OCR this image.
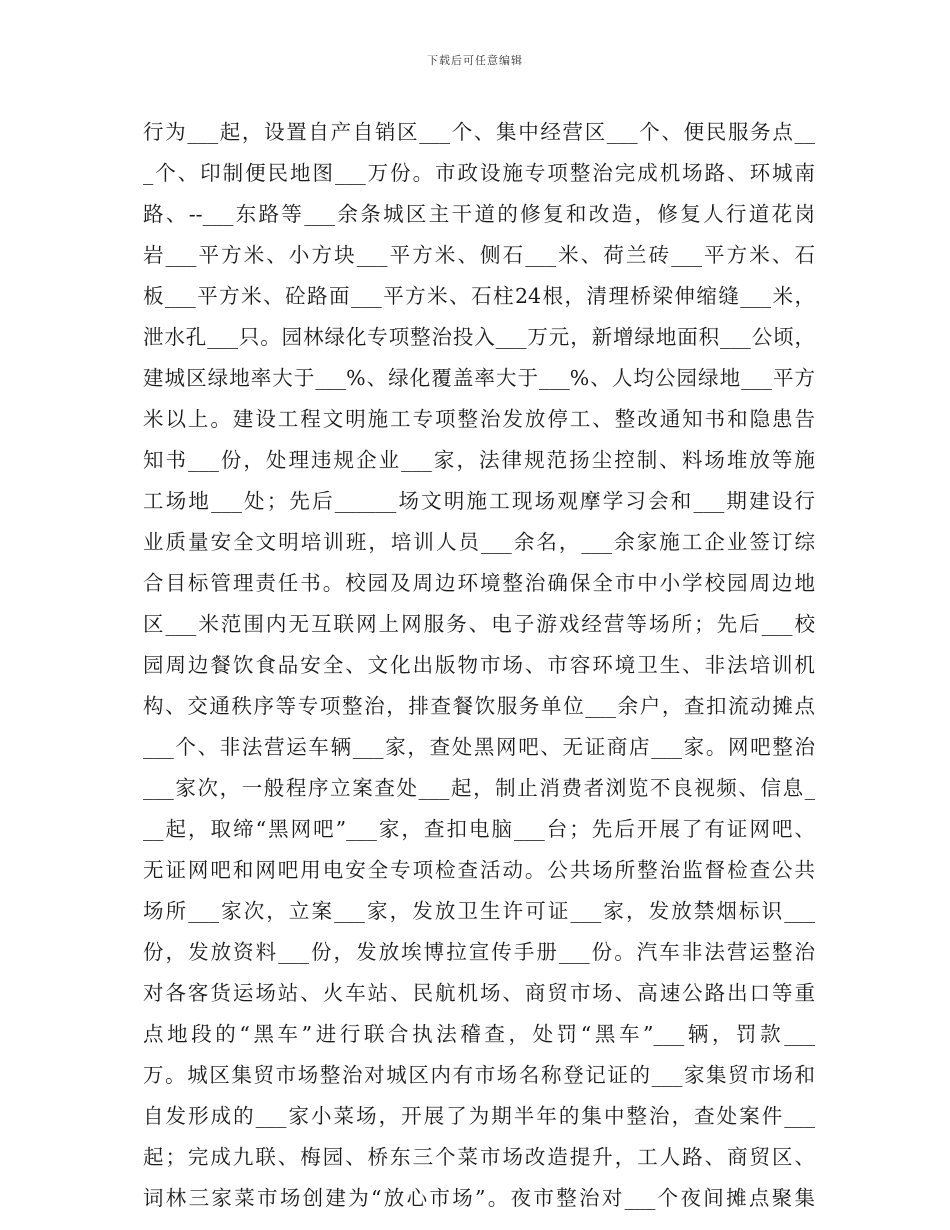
下载后可任意编辑
行为___起，设置自产自销区___个、集中经营区___个、便民服务点__
_个、印制便民地图___万份。市政设施专项整治完成机场路、环城南
路、--___东路等___余条城区主干道的修复和改造，修复人行道花岗
岩___平方米、小方块___平方米、侧石___米、荷兰砖___平方米、石
板___平方米、砼路面___平方米、石柱24根，清理桥梁伸缩缝___米，
泄水孔___只。园林绿化专项整治投入___万元，新增绿地面积___公顷，
建城区绿地率大于___%、绿化覆盖率大于___%、人均公园绿地___平方
米以上。建设工程文明施工专项整治发放停工、整改通知书和隐患告
知书___份，处理违规企业___家，法律规范扬尘控制、料场堆放等施
工场地___处；先后______场文明施工现场观摩学习会和___期建设行
业质量安全文明培训班，培训人员___余名，___余家施工企业签订综
合目标管理责任书。校园及周边环境整治确保全市中小学校园周边地
区___米范围内无互联网上网服务、电子游戏经营等场所；先后___校
园周边餐饮食品安全、文化出版物市场、市容环境卫生、非法培训机
构、交通秩序等专项整治，排查餐饮服务单位___余户，查扣流动摊点
___个、非法营运车辆___家，查处黑网吧、无证商店___家。网吧整治
___家次，一般程序立案查处___起，制止消费者浏览不良视频、信息_
__起，取缔“黑网吧”___家，查扣电脑___台；先后开展了有证网吧、
无证网吧和网吧用电安全专项检查活动。公共场所整治监督检查公共
场所___家次，立案___家，发放卫生许可证___家，发放禁烟标识___
份，发放资料___份，发放埃博拉宣传手册___份。汽车非法营运整治
对各客货运场站、火车站、民航机场、商贸市场、高速公路出口等重
点地段的“黑车”进行联合执法稽查，处罚“黑车”___辆，罚款___
万。城区集贸市场整治对城区内有市场名称登记证的___家集贸市场和
自发形成的___家小菜场，开展了为期半年的集中整治，查处案件___
起；完成九联、梅园、桥东三个菜市场改造提升，工人路、商贸区、
词林三家菜市场创建为“放心市场”。夜市整治对___个夜间摊点聚集
